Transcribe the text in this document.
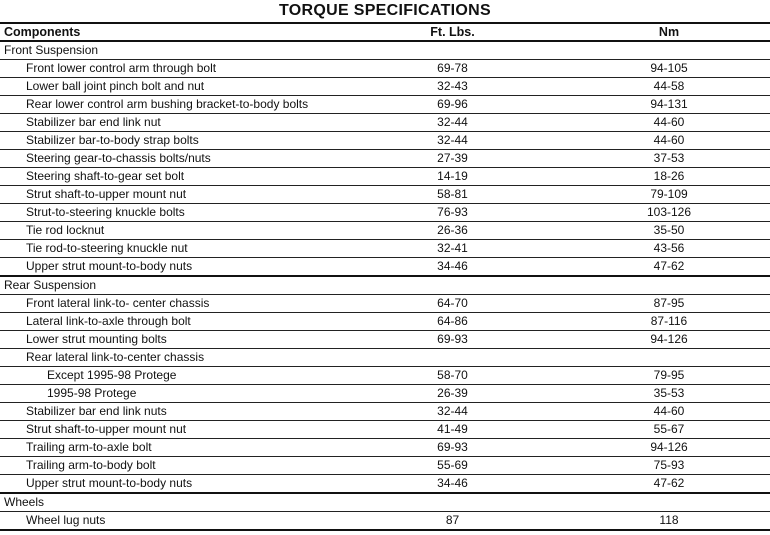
TORQUE SPECIFICATIONS
Components	Ft. Lbs.	Nm
Front Suspension		
Front lower control arm through bolt	69-78	94-105
Lower ball joint pinch bolt and nut	32-43	44-58
Rear lower control arm bushing bracket-to-body bolts	69-96	94-131
Stabilizer bar end link nut	32-44	44-60
Stabilizer bar-to-body strap bolts	32-44	44-60
Steering gear-to-chassis bolts/nuts	27-39	37-53
Steering shaft-to-gear set bolt	14-19	18-26
Strut shaft-to-upper mount nut	58-81	79-109
Strut-to-steering knuckle bolts	76-93	103-126
Tie rod locknut	26-36	35-50
Tie rod-to-steering knuckle nut	32-41	43-56
Upper strut mount-to-body nuts	34-46	47-62
Rear Suspension		
Front lateral link-to- center chassis	64-70	87-95
Lateral link-to-axle through bolt	64-86	87-116
Lower strut mounting bolts	69-93	94-126
Rear lateral link-to-center chassis		
Except 1995-98 Protege	58-70	79-95
1995-98 Protege	26-39	35-53
Stabilizer bar end link nuts	32-44	44-60
Strut shaft-to-upper mount nut	41-49	55-67
Trailing arm-to-axle bolt	69-93	94-126
Trailing arm-to-body bolt	55-69	75-93
Upper strut mount-to-body nuts	34-46	47-62
Wheels		
Wheel lug nuts	87	118
